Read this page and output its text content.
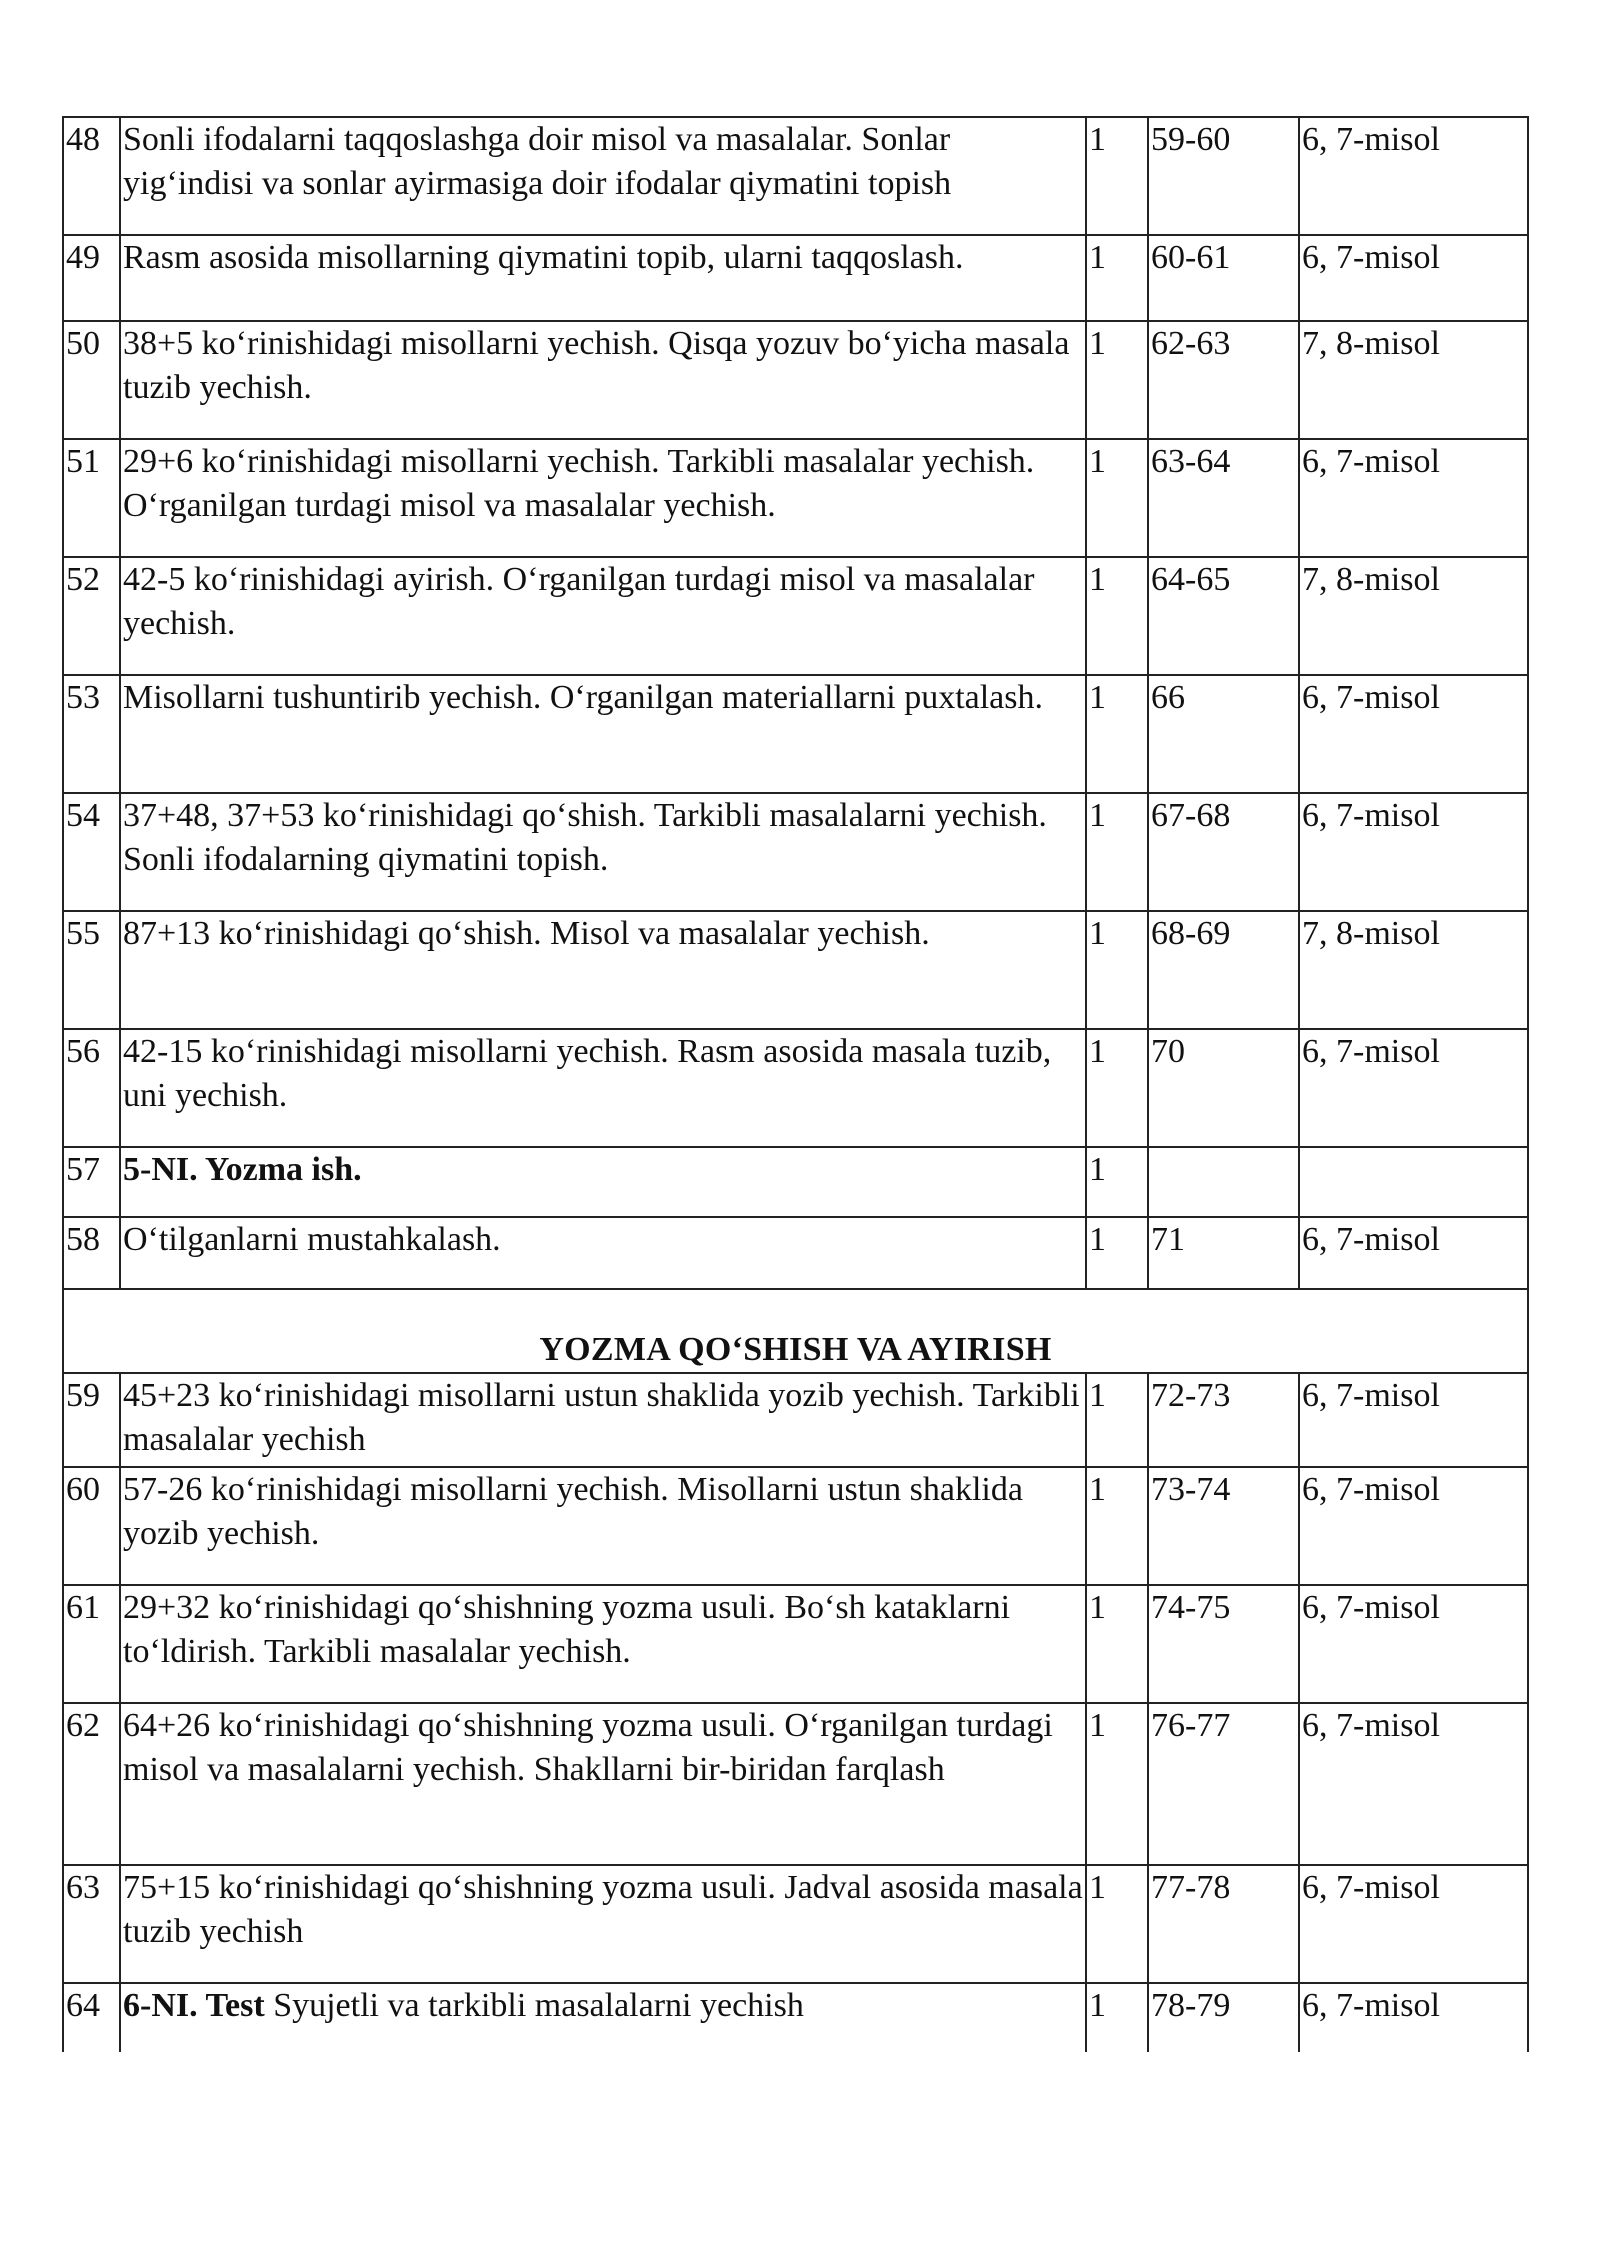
48	Sonli ifodalarni taqqoslashga doir misol va masalalar. Sonlar yig‘indisi va sonlar ayirmasiga doir ifodalar qiymatini topish	1	59-60	6, 7-misol
49	Rasm asosida misollarning qiymatini topib, ularni taqqoslash.	1	60-61	6, 7-misol
50	38+5 ko‘rinishidagi misollarni yechish. Qisqa yozuv bo‘yicha masala tuzib yechish.	1	62-63	7, 8-misol
51	29+6 ko‘rinishidagi misollarni yechish. Tarkibli masalalar yechish. O‘rganilgan turdagi misol va masalalar yechish.	1	63-64	6, 7-misol
52	42-5 ko‘rinishidagi ayirish. O‘rganilgan turdagi misol va masalalar yechish.	1	64-65	7, 8-misol
53	Misollarni tushuntirib yechish. O‘rganilgan materiallarni puxtalash.	1	66	6, 7-misol
54	37+48, 37+53 ko‘rinishidagi qo‘shish. Tarkibli masalalarni yechish. Sonli ifodalarning qiymatini topish.	1	67-68	6, 7-misol
55	87+13 ko‘rinishidagi qo‘shish. Misol va masalalar yechish.	1	68-69	7, 8-misol
56	42-15 ko‘rinishidagi misollarni yechish. Rasm asosida masala tuzib, uni yechish.	1	70	6, 7-misol
57	5-NI. Yozma ish.	1		
58	O‘tilganlarni mustahkalash.	1	71	6, 7-misol
YOZMA QO‘SHISH VA AYIRISH				
59	45+23 ko‘rinishidagi misollarni ustun shaklida yozib yechish. Tarkibli masalalar yechish	1	72-73	6, 7-misol
60	57-26 ko‘rinishidagi misollarni yechish. Misollarni ustun shaklida yozib yechish.	1	73-74	6, 7-misol
61	29+32 ko‘rinishidagi qo‘shishning yozma usuli. Bo‘sh kataklarni to‘ldirish. Tarkibli masalalar yechish.	1	74-75	6, 7-misol
62	64+26 ko‘rinishidagi qo‘shishning yozma usuli. O‘rganilgan turdagi misol va masalalarni yechish. Shakllarni bir-biridan farqlash	1	76-77	6, 7-misol
63	75+15 ko‘rinishidagi qo‘shishning yozma usuli. Jadval asosida masala tuzib yechish	1	77-78	6, 7-misol
64	6-NI. Test Syujetli va tarkibli masalalarni yechish	1	78-79	6, 7-misol
